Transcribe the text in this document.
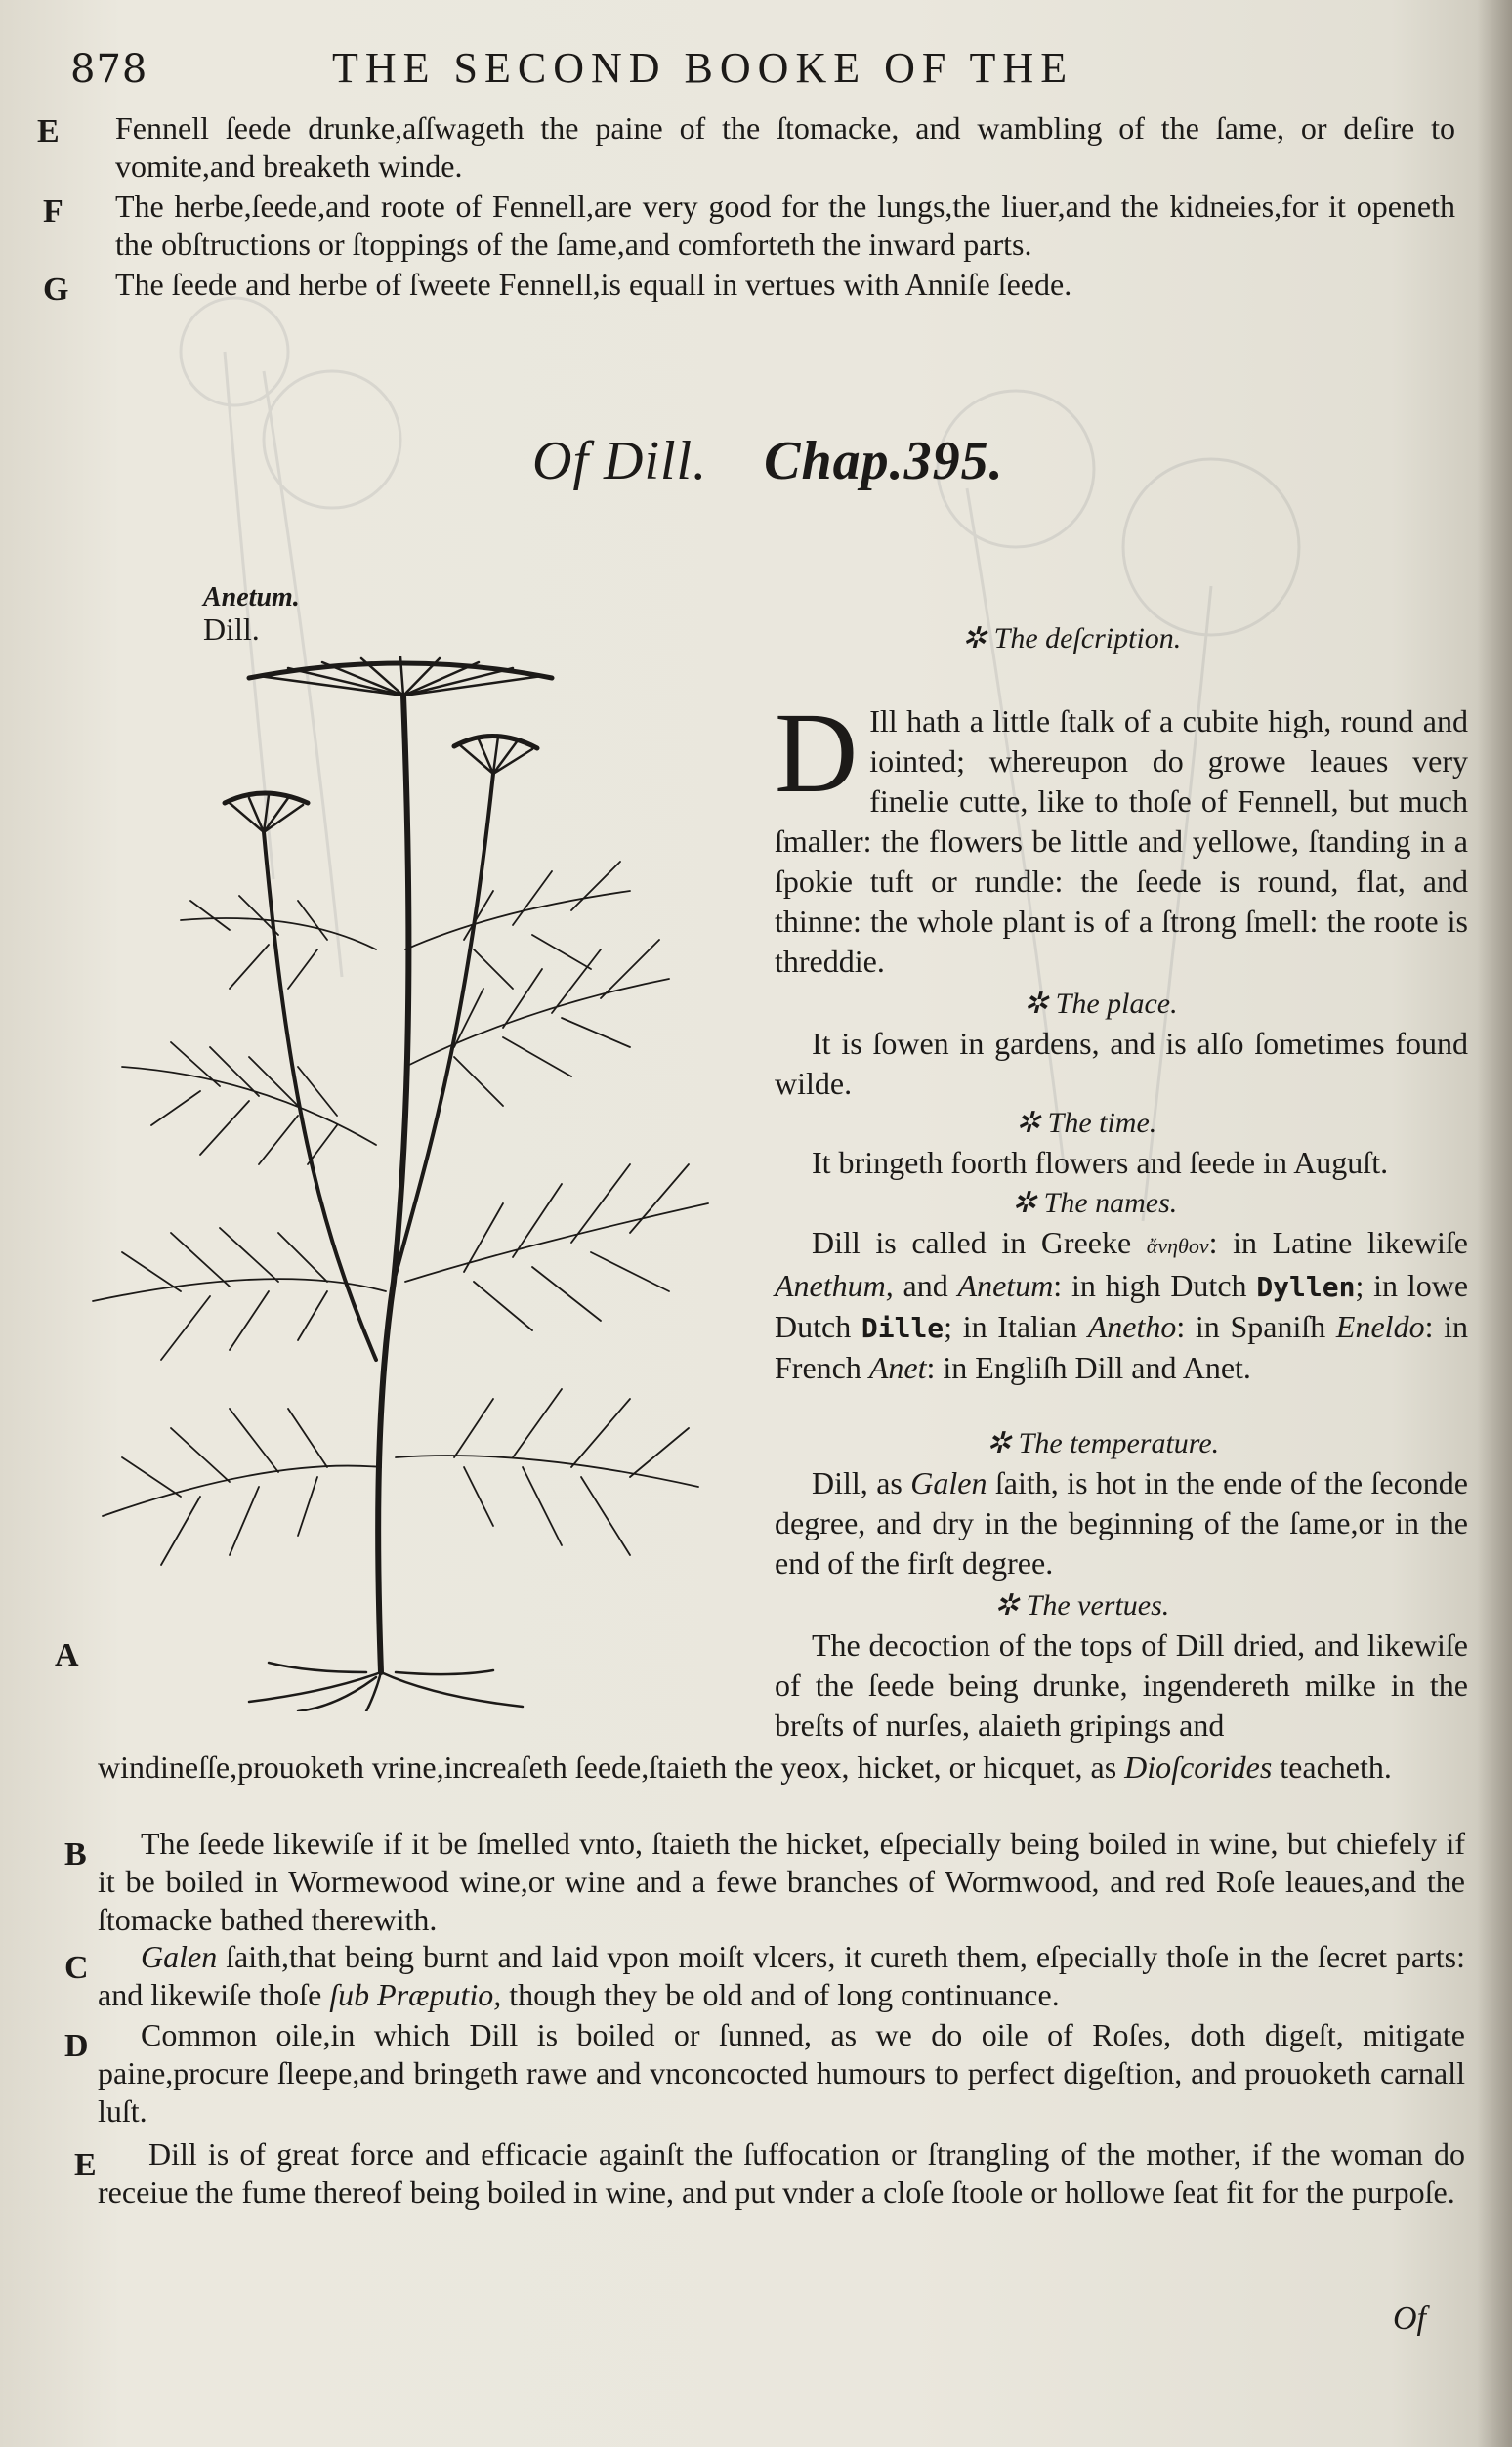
878	THE SECOND BOOKE OF THE
E Fennell ſeede drunke,aſſwageth the paine of the ſtomacke, and wambling of the ſame, or deſire to vomite,and breaketh winde.

F The herbe,ſeede,and roote of Fennell,are very good for the lungs,the liuer,and the kidneies,for it openeth the obſtructions or ſtoppings of the ſame,and comforteth the inward parts.

G The ſeede and herbe of ſweete Fennell,is equall in vertues with Anniſe ſeede.

Of Dill. Chap.395.
Anetum.
Dill.	✲ The deſcription.

D Ill hath a little ſtalk of a cubite high, round and iointed; whereupon do growe leaues very finelie cutte, like to thoſe of Fennell, but much ſmaller: the flowers be little and yellowe, ſtanding in a ſpokie tuft or rundle: the ſeede is round, flat, and thinne: the whole plant is of a ſtrong ſmell: the roote is threddie.

✲ The place.

It is ſowen in gardens, and is alſo ſometimes found wilde.

✲ The time.

It bringeth foorth flowers and ſeede in Auguſt.

✲ The names.

Dill is called in Greeke ἄνηθον: in Latine likewiſe Anethum, and Anetum: in high Dutch Dyllen; in lowe Dutch Dille; in Italian Anetho: in Spaniſh Eneldo: in French Anet: in Engliſh Dill and Anet.

✲ The temperature.

Dill, as Galen ſaith, is hot in the ende of the ſeconde degree, and dry in the beginning of the ſame,or in the end of the firſt degree.

✲ The vertues.

The decoction of the tops of Dill dried, and likewiſe of the ſeede being drunke, ingendereth milke in the breſts of nurſes, alaieth gripings and

A

windineſſe,prouoketh vrine,increaſeth ſeede,ſtaieth the yeox, hicket, or hicquet, as Dioſcorides teacheth.

B	The ſeede likewiſe if it be ſmelled vnto, ſtaieth the hicket, eſpecially being boiled in wine, but chiefely if it be boiled in Wormewood wine,or wine and a fewe branches of Wormwood, and red Roſe leaues,and the ſtomacke bathed therewith.

C	Galen ſaith,that being burnt and laid vpon moiſt vlcers, it cureth them, eſpecially thoſe in the ſecret parts: and likewiſe thoſe ſub Præputio, though they be old and of long continuance.

D	Common oile,in which Dill is boiled or ſunned, as we do oile of Roſes, doth digeſt, mitigate paine,procure ſleepe,and bringeth rawe and vnconcocted humours to perfect digeſtion, and prouoketh carnall luſt.

E	Dill is of great force and efficacie againſt the ſuffocation or ſtrangling of the mother, if the woman do receiue the fume thereof being boiled in wine, and put vnder a cloſe ſtoole or hollowe ſeat fit for the purpoſe.

Of
